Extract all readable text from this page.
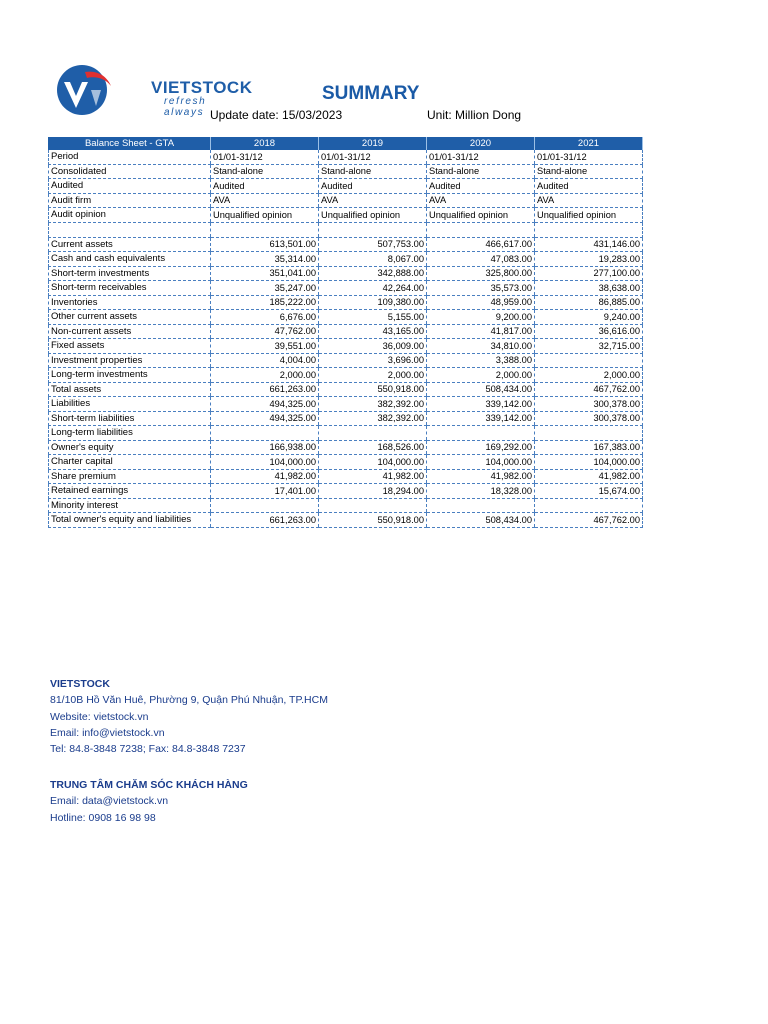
VIETSTOCK
refresh always
SUMMARY
Update date: 15/03/2023	Unit: Million Dong
Balance Sheet - GTA	2018	2019	2020	2021
Period	01/01-31/12	01/01-31/12	01/01-31/12	01/01-31/12
Consolidated	Stand-alone	Stand-alone	Stand-alone	Stand-alone
Audited	Audited	Audited	Audited	Audited
Audit firm	AVA	AVA	AVA	AVA
Audit opinion	Unqualified opinion	Unqualified opinion	Unqualified opinion	Unqualified opinion

Current assets	613,501.00	507,753.00	466,617.00	431,146.00
Cash and cash equivalents	35,314.00	8,067.00	47,083.00	19,283.00
Short-term investments	351,041.00	342,888.00	325,800.00	277,100.00
Short-term receivables	35,247.00	42,264.00	35,573.00	38,638.00
Inventories	185,222.00	109,380.00	48,959.00	86,885.00
Other current assets	6,676.00	5,155.00	9,200.00	9,240.00
Non-current assets	47,762.00	43,165.00	41,817.00	36,616.00
Fixed assets	39,551.00	36,009.00	34,810.00	32,715.00
Investment properties	4,004.00	3,696.00	3,388.00	
Long-term investments	2,000.00	2,000.00	2,000.00	2,000.00
Total assets	661,263.00	550,918.00	508,434.00	467,762.00
Liabilities	494,325.00	382,392.00	339,142.00	300,378.00
Short-term liabilities	494,325.00	382,392.00	339,142.00	300,378.00
Long-term liabilities				
Owner's equity	166,938.00	168,526.00	169,292.00	167,383.00
Charter capital	104,000.00	104,000.00	104,000.00	104,000.00
Share premium	41,982.00	41,982.00	41,982.00	41,982.00
Retained earnings	17,401.00	18,294.00	18,328.00	15,674.00
Minority interest				
Total owner's equity and liabilities	661,263.00	550,918.00	508,434.00	467,762.00
VIETSTOCK
81/10B Hồ Văn Huê, Phường 9, Quận Phú Nhuận, TP.HCM
Website: vietstock.vn
Email: info@vietstock.vn
Tel: 84.8-3848 7238; Fax: 84.8-3848 7237
TRUNG TÂM CHĂM SÓC KHÁCH HÀNG
Email: data@vietstock.vn
Hotline: 0908 16 98 98
